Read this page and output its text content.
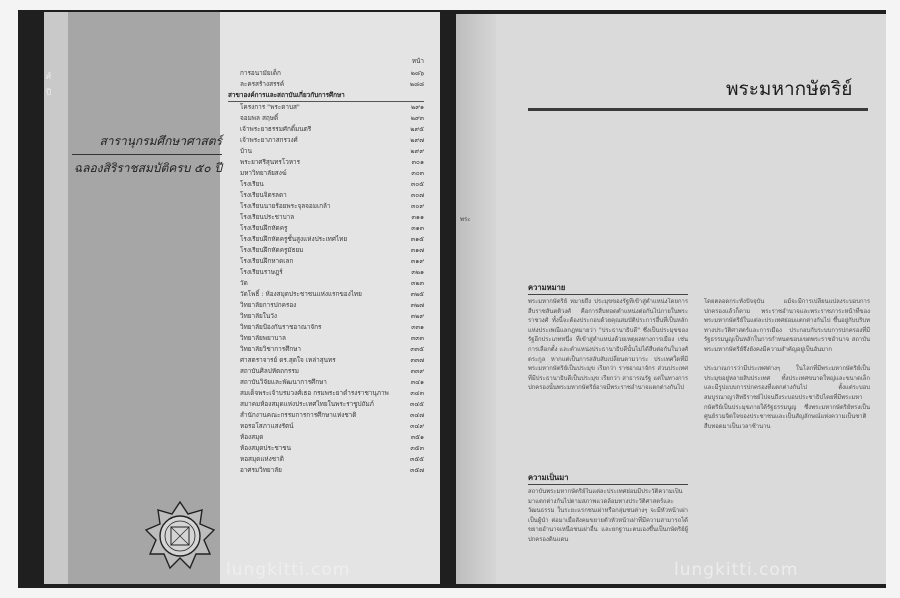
ศ์
ปี
สารานุกรมศึกษาศาสตร์
ฉลองสิริราชสมบัติครบ ๕๐ ปี
หน้า
การอนามัยเด็ก	๒๘๖
ละครสร้างสรรค์	๒๘๘
สาขาองค์การและสถาบันเกี่ยวกับการศึกษา
โครงการ "พระดาบส"	๒๙๑
จอมพล สฤษดิ์	๒๙๓
เจ้าพระยาธรรมศักดิ์มนตรี	๒๙๕
เจ้าพระยาภาสกรวงศ์	๒๙๗
บ้าน	๒๙๙
พระยาศรีสุนทรโวหาร	๓๐๑
มหาวิทยาลัยสงฆ์	๓๐๓
โรงเรียน	๓๐๕
โรงเรียนจิตรลดา	๓๐๗
โรงเรียนนายร้อยพระจุลจอมเกล้า	๓๐๙
โรงเรียนประชาบาล	๓๑๑
โรงเรียนฝึกหัดครู	๓๑๓
โรงเรียนฝึกหัดครูชั้นสูงแห่งประเทศไทย	๓๑๕
โรงเรียนฝึกหัดครูมัธยม	๓๑๗
โรงเรียนฝึกหาดเลก	๓๑๙
โรงเรียนราษฎร์	๓๒๑
วัด	๓๒๓
วัดโพธิ์ : ห้องสมุดประชาชนแห่งแรกของไทย	๓๒๕
วิทยาลัยการปกครอง	๓๒๗
วิทยาลัยในวัง	๓๒๙
วิทยาลัยป้องกันราชอาณาจักร	๓๓๑
วิทยาลัยพยาบาล	๓๓๓
วิทยาลัยวิชาการศึกษา	๓๓๕
ศาสตราจารย์ ดร.สุดใจ เหล่าสุนทร	๓๓๗
สถาบันศิลปหัตถกรรม	๓๓๙
สถาบันวิจัยและพัฒนาการศึกษา	๓๔๑
สมเด็จพระเจ้าบรมวงศ์เธอ กรมพระยาดำรงราชานุภาพ	๓๔๓
สมาคมห้องสมุดแห่งประเทศไทยในพระราชูปถัมภ์	๓๔๕
สำนักงานคณะกรรมการการศึกษาแห่งชาติ	๓๔๗
หอรอโสภาแสงรัตน์	๓๔๙
ห้องสมุด	๓๕๑
ห้องสมุดประชาชน	๓๕๓
หอสมุดแห่งชาติ	๓๕๕
อาศรมวิทยาลัย	๓๕๗
lungkitti.com
พระมหากษัตริย์
พระ
ความหมาย
พระมหากษัตริย์ หมายถึง ประมุขของรัฐที่เข้าสู่ตำแหน่งโดยการสืบราชสันตติวงศ์ คือการสืบทอดตำแหน่งต่อกันไปภายในพระราชวงศ์ ทั้งนี้จะต้องประกอบด้วยคุณสมบัติประการอื่นที่เป็นหลักแห่งประเพณีแลกฎหมายว่า "ประธานาธิบดี" ซึ่งเป็นประมุขของรัฐอีกประเภทหนึ่ง ที่เข้าสู่ตำแหน่งด้วยเหตุผลทางการเมือง เช่นการเลือกตั้ง และตำแหน่งประธานาธิบดีนั้นไม่ได้สืบต่อกันในวงศ์ตระกูล หากแต่เป็นการสลับสับเปลี่ยนตามวาระ ประเทศใดที่มีพระมหากษัตริย์เป็นประมุข เรียกว่า ราชอาณาจักร ส่วนประเทศที่มีประธานาธิบดีเป็นประมุข เรียกว่า สาธารณรัฐ แต่ในทางการปกครองนั้นพระมหากษัตริย์อาจมีพระราชอำนาจแตกต่างกันไป
ความเป็นมา
สถาบันพระมหากษัตริย์ในแต่ละประเทศย่อมมีประวัติความเป็นมาแตกต่างกันไปตามสภาพแวดล้อมทางประวัติศาสตร์และวัฒนธรรม ในระยะแรกชนเผ่าหรือกลุ่มชนต่างๆ จะมีหัวหน้าเผ่าเป็นผู้นำ ต่อมาเมื่อสังคมขยายตัวหัวหน้าเผ่าที่มีความสามารถได้ขยายอำนาจเหนือชนเผ่าอื่น และยกฐานะตนเองขึ้นเป็นกษัตริย์ผู้ปกครองดินแดน
โดยตลอดกระทั่งปัจจุบัน แม้จะมีการเปลี่ยนแปลงระบอบการปกครองแล้วก็ตาม พระราชอำนาจและพระราชภาระหน้าที่ของพระมหากษัตริย์ในแต่ละประเทศย่อมแตกต่างกันไป ขึ้นอยู่กับบริบททางประวัติศาสตร์และการเมือง ประกอบกับระบบการปกครองที่มีรัฐธรรมนูญเป็นหลักในการกำหนดขอบเขตพระราชอำนาจ สถาบันพระมหากษัตริย์จึงยังคงมีความสำคัญอยู่เป็นอันมาก

ประมาณการว่ามีประเทศต่างๆ ในโลกที่มีพระมหากษัตริย์เป็นประมุขอยู่หลายสิบประเทศ ทั้งประเทศขนาดใหญ่และขนาดเล็ก และมีรูปแบบการปกครองที่แตกต่างกันไป ตั้งแต่ระบอบสมบูรณาญาสิทธิราชย์ไปจนถึงระบอบประชาธิปไตยที่มีพระมหากษัตริย์เป็นประมุขภายใต้รัฐธรรมนูญ ซึ่งพระมหากษัตริย์ทรงเป็นศูนย์รวมจิตใจของประชาชนและเป็นสัญลักษณ์แห่งความเป็นชาติ สืบทอดมาเป็นเวลาช้านาน
lungkitti.com
